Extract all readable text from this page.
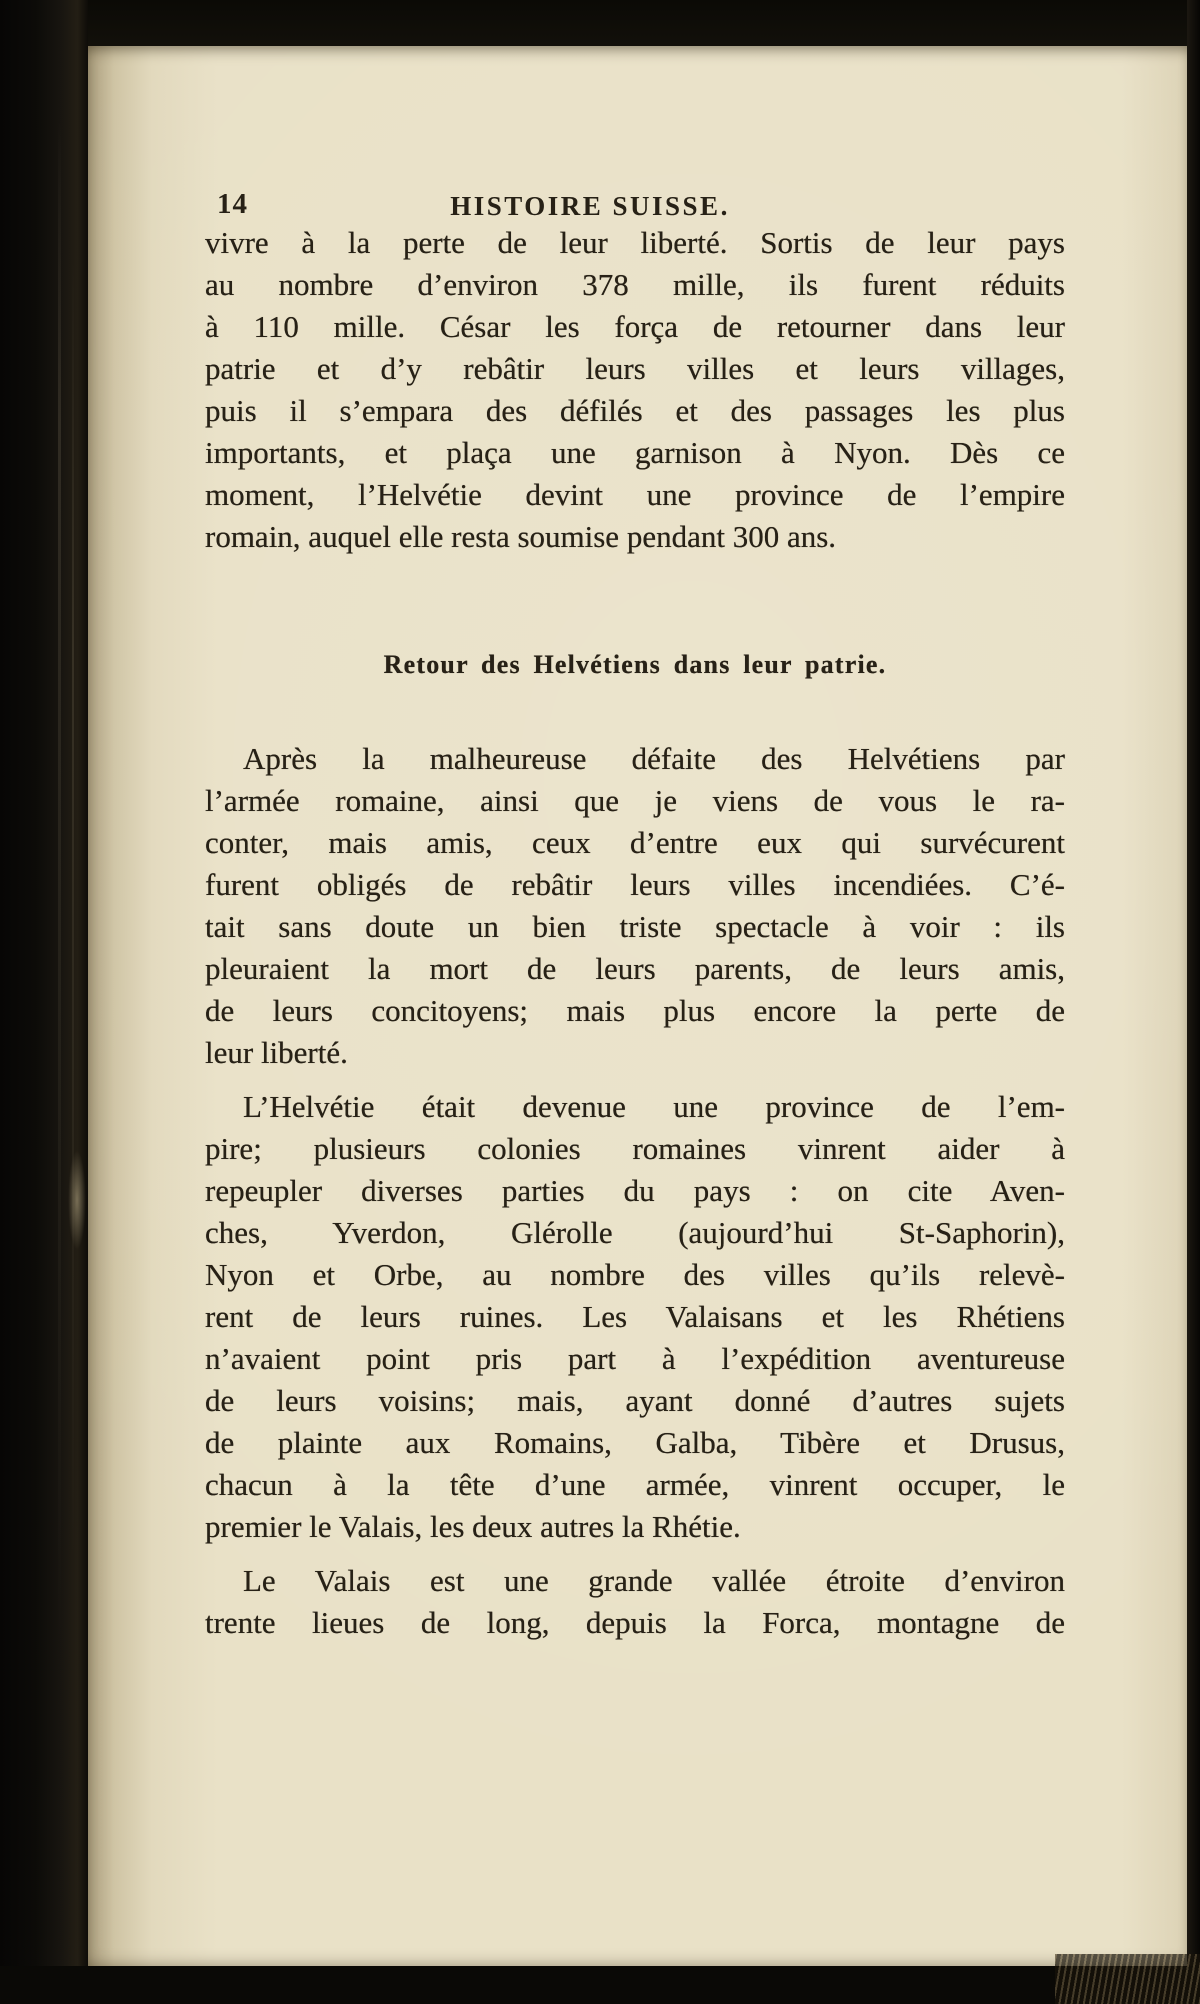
14	HISTOIRE SUISSE.
vivre à la perte de leur liberté. Sortis de leur pays
au nombre d’environ 378 mille, ils furent réduits
à 110 mille. César les força de retourner dans leur
patrie et d’y rebâtir leurs villes et leurs villages,
puis il s’empara des défilés et des passages les plus
importants, et plaça une garnison à Nyon. Dès ce
moment, l’Helvétie devint une province de l’empire
romain, auquel elle resta soumise pendant 300 ans.
Retour des Helvétiens dans leur patrie.
Après la malheureuse défaite des Helvétiens par
l’armée romaine, ainsi que je viens de vous le ra-
conter, mais amis, ceux d’entre eux qui survécurent
furent obligés de rebâtir leurs villes incendiées. C’é-
tait sans doute un bien triste spectacle à voir : ils
pleuraient la mort de leurs parents, de leurs amis,
de leurs concitoyens; mais plus encore la perte de
leur liberté.
L’Helvétie était devenue une province de l’em-
pire; plusieurs colonies romaines vinrent aider à
repeupler diverses parties du pays : on cite Aven-
ches, Yverdon, Glérolle (aujourd’hui St-Saphorin),
Nyon et Orbe, au nombre des villes qu’ils relevè-
rent de leurs ruines. Les Valaisans et les Rhétiens
n’avaient point pris part à l’expédition aventureuse
de leurs voisins; mais, ayant donné d’autres sujets
de plainte aux Romains, Galba, Tibère et Drusus,
chacun à la tête d’une armée, vinrent occuper, le
premier le Valais, les deux autres la Rhétie.
Le Valais est une grande vallée étroite d’environ
trente lieues de long, depuis la Forca, montagne de
